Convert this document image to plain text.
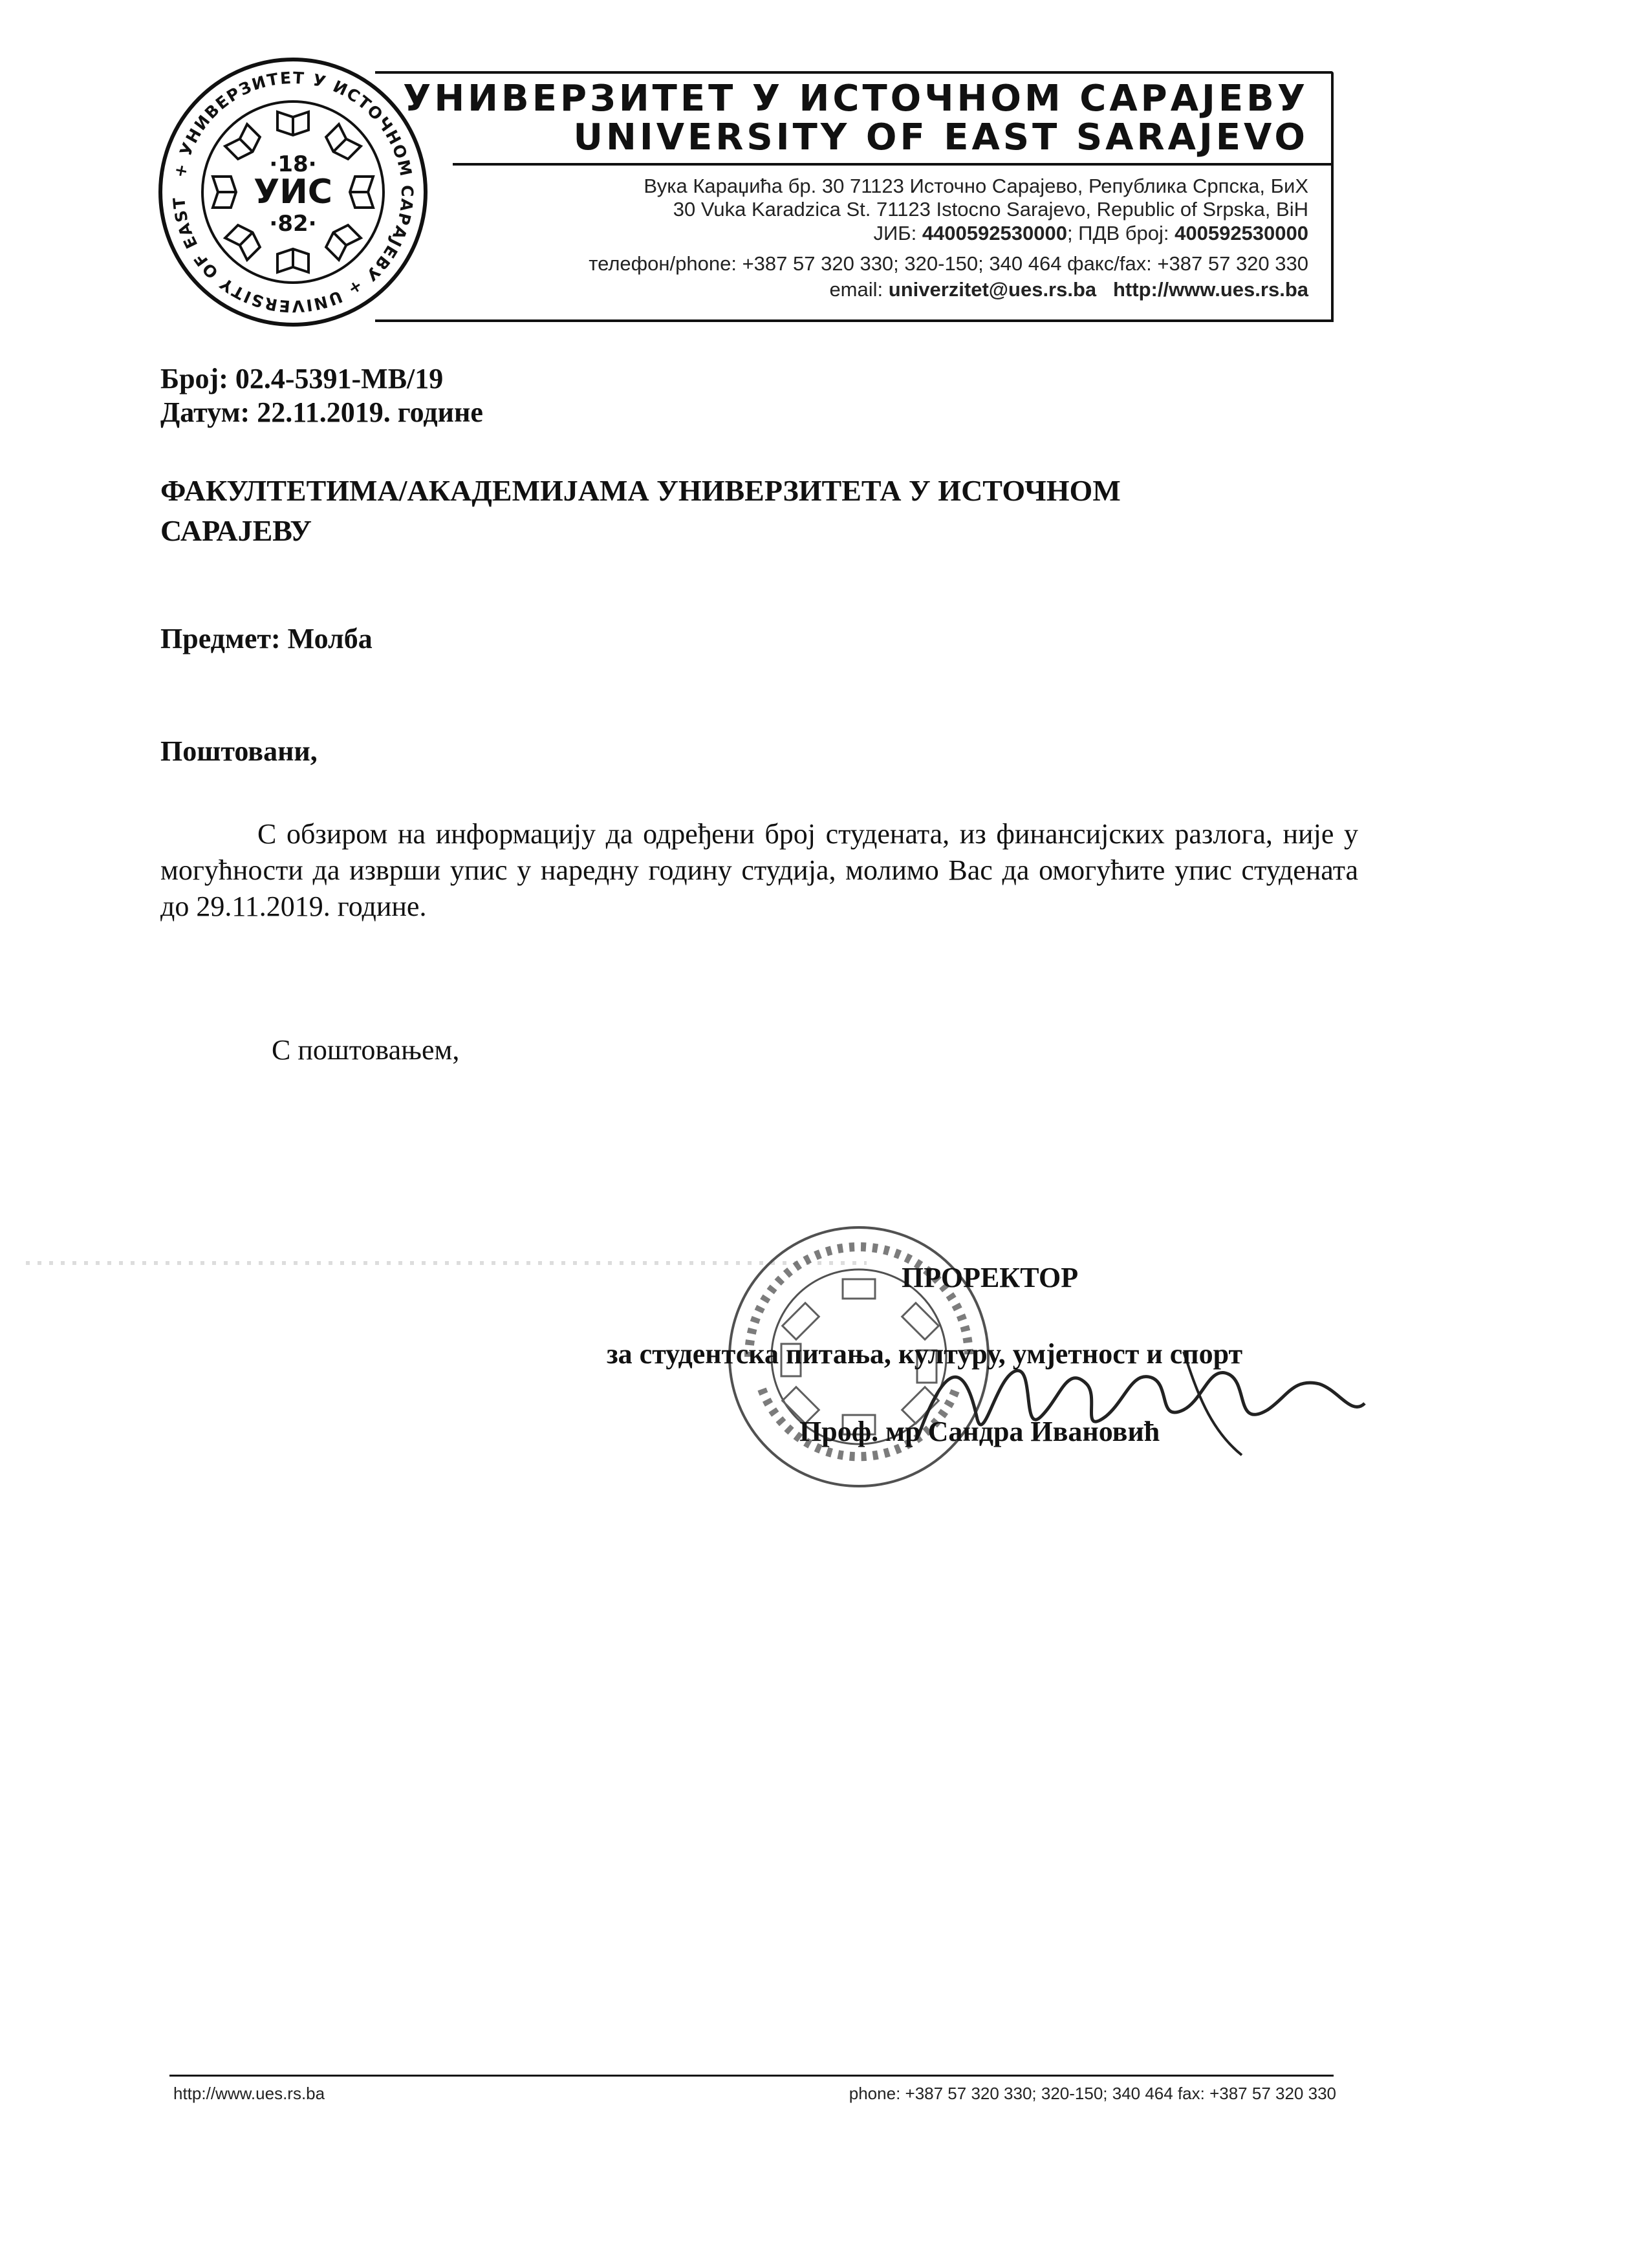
+ УНИВЕРЗИТЕТ У ИСТОЧНОМ САРАЈЕВУ + UNIVERSITY OF EAST
·18·
УИС
·82·
УНИВЕРЗИТЕТ У ИСТОЧНОМ САРАЈЕВУ
UNIVERSITY OF EAST SARAJEVO
Вука Караџића бр. 30 71123 Источно Сарајево, Република Српска, БиХ
30 Vuka Karadzica St. 71123 Istocno Sarajevo, Republic of Srpska, BiH
ЈИБ: 4400592530000; ПДВ број: 400592530000
телефон/phone: +387 57 320 330; 320-150; 340 464 факс/fax: +387 57 320 330
email: univerzitet@ues.rs.ba http://www.ues.rs.ba
Број: 02.4-5391-МВ/19
Датум: 22.11.2019. године
ФАКУЛТЕТИМА/АКАДЕМИЈАМА УНИВЕРЗИТЕТА У ИСТОЧНОМ САРАЈЕВУ
Предмет: Молба
Поштовани,
С обзиром на информацију да одређени број студената, из финансијских разлога, није у могућности да изврши упис у наредну годину студија, молимо Вас да омогућите упис студената до 29.11.2019. године.
С поштовањем,
ПРОРЕКТОР
за студентска питања, културу, умјетност и спорт
Проф. мр Сандра Ивановић
http://www.ues.rs.ba	phone: +387 57 320 330; 320-150; 340 464 fax: +387 57 320 330
